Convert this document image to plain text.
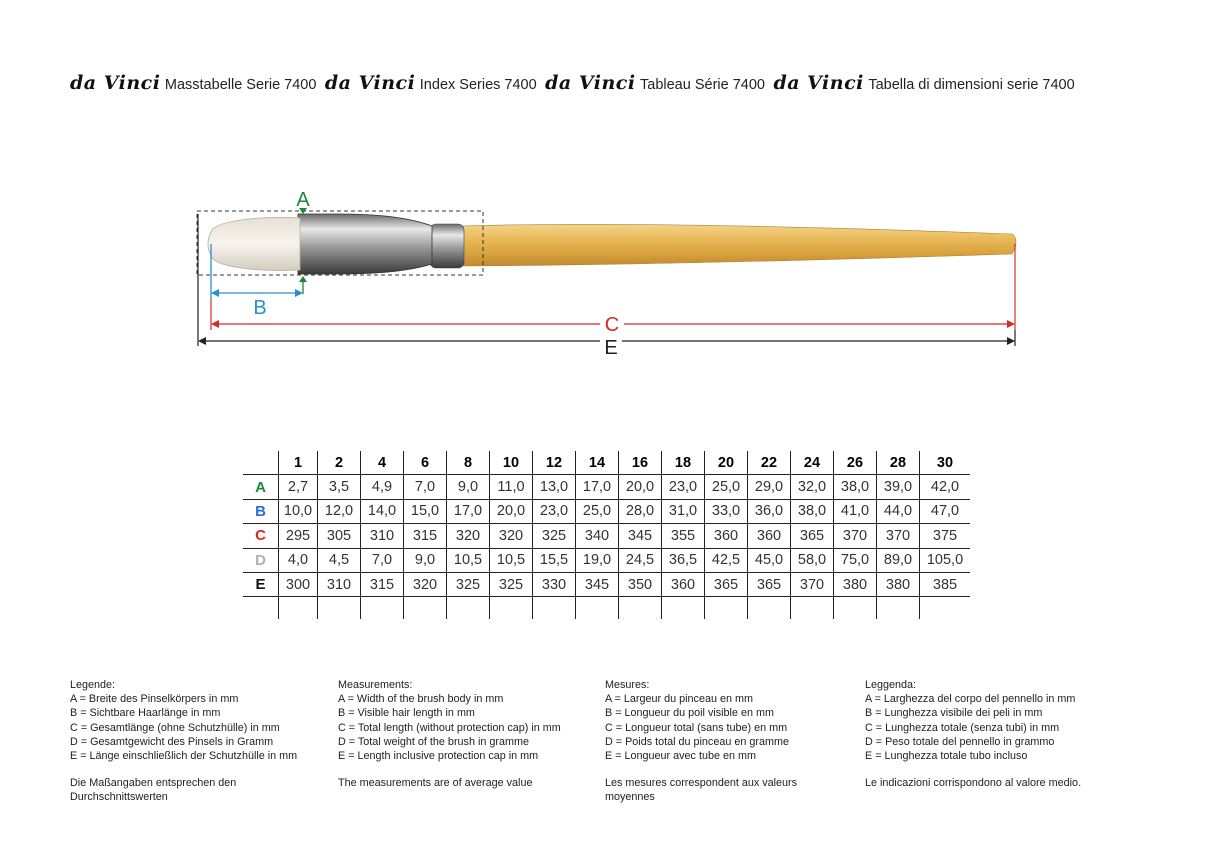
da Vinci Masstabelle Serie 7400 da Vinci Index Series 7400 da Vinci Tableau Série 7400 da Vinci Tabella di dimensioni serie 7400
A
B
C
E
	1	2	4	6	8	10	12	14	16	18	20	22	24	26	28	30
A	2,7	3,5	4,9	7,0	9,0	11,0	13,0	17,0	20,0	23,0	25,0	29,0	32,0	38,0	39,0	42,0
B	10,0	12,0	14,0	15,0	17,0	20,0	23,0	25,0	28,0	31,0	33,0	36,0	38,0	41,0	44,0	47,0
C	295	305	310	315	320	320	325	340	345	355	360	360	365	370	370	375
D	4,0	4,5	7,0	9,0	10,5	10,5	15,5	19,0	24,5	36,5	42,5	45,0	58,0	75,0	89,0	105,0
E	300	310	315	320	325	325	330	345	350	360	365	365	370	380	380	385

Legende:

A = Breite des Pinselkörpers in mm

B = Sichtbare Haarlänge in mm

C = Gesamtlänge (ohne Schutzhülle) in mm

D = Gesamtgewicht des Pinsels in Gramm

E = Länge einschließlich der Schutzhülle in mm

Die Maßangaben entsprechen den

Durchschnittswerten

Measurements:

A = Width of the brush body in mm

B = Visible hair length in mm

C = Total length (without protection cap) in mm

D = Total weight of the brush in gramme

E = Length inclusive protection cap in mm

The measurements are of average value

Mesures:

A = Largeur du pinceau en mm

B = Longueur du poil visible en mm

C = Longueur total (sans tube) en mm

D = Poids total du pinceau en gramme

E = Longueur avec tube en mm

Les mesures correspondent aux valeurs

moyennes

Leggenda:

A = Larghezza del corpo del pennello in mm

B = Lunghezza visibile dei peli in mm

C = Lunghezza totale (senza tubi) in mm

D = Peso totale del pennello in grammo

E = Lunghezza totale tubo incluso

Le indicazioni corrispondono al valore medio.
